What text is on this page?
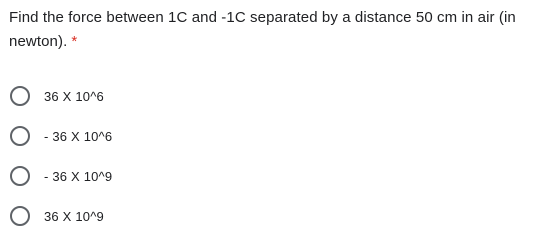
Find the force between 1C and -1C separated by a distance 50 cm in air (in newton). *
36 X 10^6
- 36 X 10^6
- 36 X 10^9
36 X 10^9
